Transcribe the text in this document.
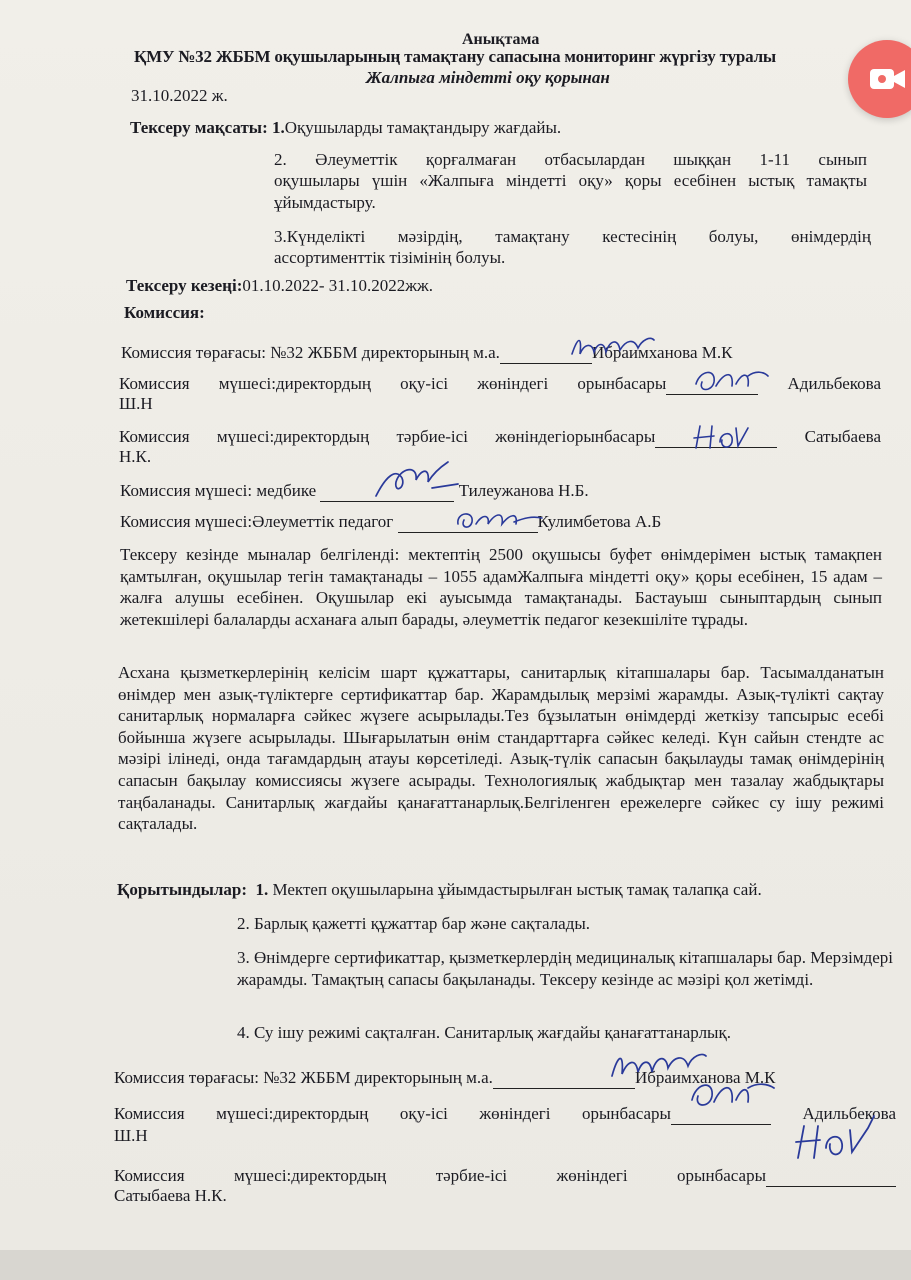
Анықтама
ҚМУ №32 ЖББМ оқушыларының тамақтану сапасына мониторинг жүргізу туралы
Жалпыға міндетті оқу қорынан
31.10.2022 ж.
Тексеру мақсаты: 1.Оқушыларды тамақтандыру жағдайы.
2. Әлеуметтік қорғалмаған отбасылардан шыққан 1-11 сынып
оқушылары үшін «Жалпыға міндетті оқу» қоры есебінен ыстық тамақты
ұйымдастыру.
3.Күнделікті мәзірдің, тамақтану кестесінің болуы, өнімдердің
ассортименттік тізімінің болуы.
Тексеру кезеңі:01.10.2022- 31.10.2022жж.
Комиссия:
Комиссия төрағасы: №32 ЖББМ директорының м.а.	Ибраимханова М.К
Комиссия мүшесі:директордың оқу-ісі жөніндегі орынбасары	Адильбекова
Ш.Н
Комиссия мүшесі:директордың тәрбие-ісі жөніндегіорынбасары	Сатыбаева
Н.К.
Комиссия мүшесі: медбике	Тилеужанова Н.Б.
Комиссия мүшесі:Әлеуметтік педагог	Кулимбетова А.Б
Тексеру кезінде мыналар белгіленді: мектептің 2500 оқушысы буфет өнімдерімен ыстық тамақпен қамтылған, оқушылар тегін тамақтанады – 1055 адамЖалпыға міндетті оқу» қоры есебінен, 15 адам – жалға алушы есебінен. Оқушылар екі ауысымда тамақтанады. Бастауыш сыныптардың сынып жетекшілері балаларды асханаға алып барады, әлеуметтік педагог кезекшіліте тұрады.
Асхана қызметкерлерінің келісім шарт құжаттары, санитарлық кітапшалары бар. Тасымалданатын өнімдер мен азық-түліктерге сертификаттар бар. Жарамдылық мерзімі жарамды. Азық-түлікті сақтау санитарлық нормаларға сәйкес жүзеге асырылады.Тез бұзылатын өнімдерді жеткізу тапсырыс есебі бойынша жүзеге асырылады. Шығарылатын өнім стандарттарға сәйкес келеді. Күн сайын стендте ас мәзірі ілінеді, онда тағамдардың атауы көрсетіледі. Азық-түлік сапасын бақылауды тамақ өнімдерінің сапасын бақылау комиссиясы жүзеге асырады. Технологиялық жабдықтар мен тазалау жабдықтары таңбаланады. Санитарлық жағдайы қанағаттанарлық.Белгіленген ережелерге сәйкес су ішу режимі сақталады.
Қорытындылар: 1. Мектеп оқушыларына ұйымдастырылған ыстық тамақ талапқа сай.
2. Барлық қажетті құжаттар бар және сақталады.
3. Өнімдерге сертификаттар, қызметкерлердің медициналық кітапшалары бар. Мерзімдері жарамды. Тамақтың сапасы бақыланады. Тексеру кезінде ас мәзірі қол жетімді.
4. Су ішу режимі сақталған. Санитарлық жағдайы қанағаттанарлық.
Комиссия төрағасы: №32 ЖББМ директорының м.а.	Ибраимханова М.К
Комиссия мүшесі:директордың оқу-ісі жөніндегі орынбасары	Адильбекова
Ш.Н
Комиссия мүшесі:директордың тәрбие-ісі жөніндегі орынбасары
Сатыбаева Н.К.
